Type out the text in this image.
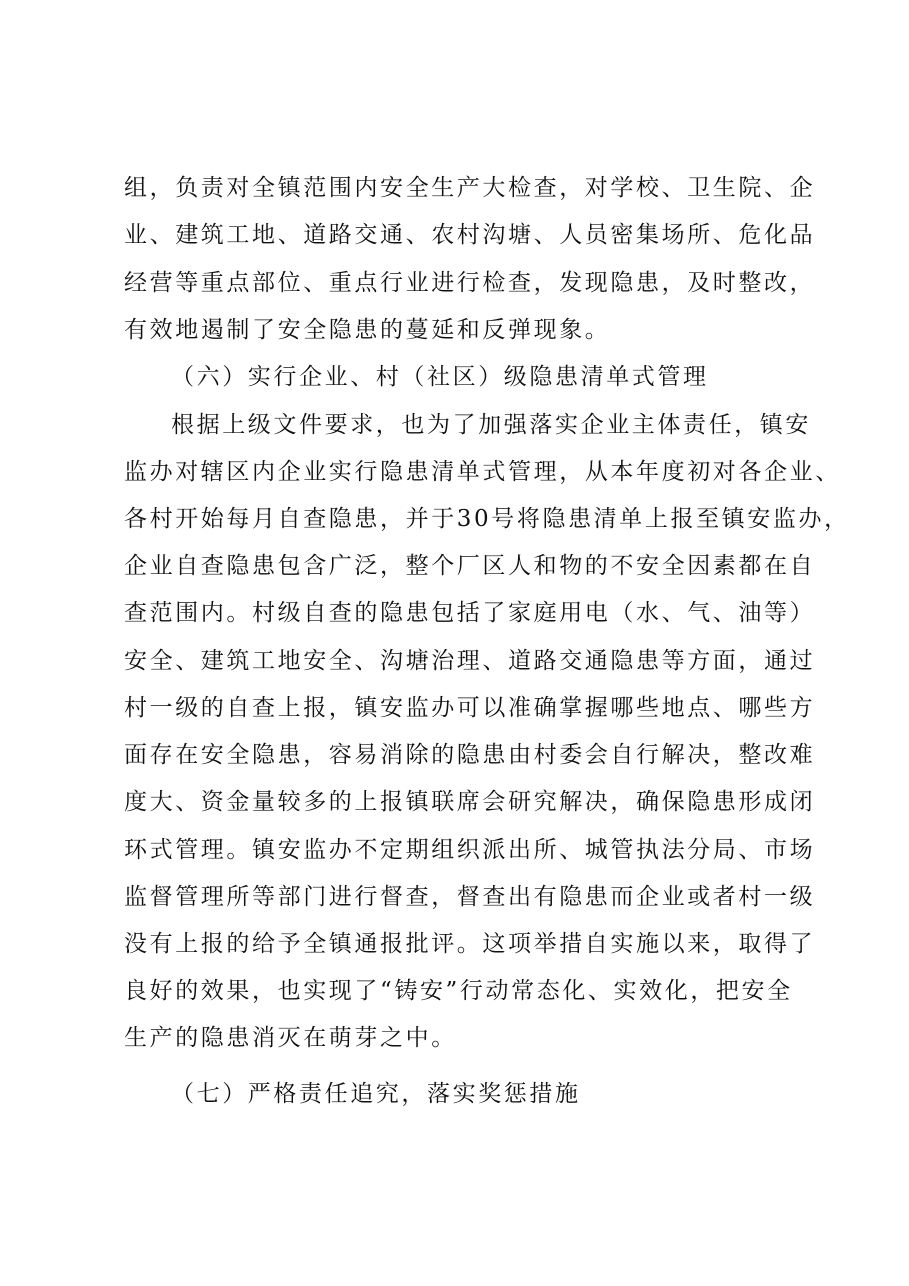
组，负责对全镇范围内安全生产大检查，对学校、卫生院、企
业、建筑工地、道路交通、农村沟塘、人员密集场所、危化品
经营等重点部位、重点行业进行检查，发现隐患，及时整改，
有效地遏制了安全隐患的蔓延和反弹现象。
（六）实行企业、村（社区）级隐患清单式管理
根据上级文件要求，也为了加强落实企业主体责任，镇安
监办对辖区内企业实行隐患清单式管理，从本年度初对各企业、
各村开始每月自查隐患，并于30号将隐患清单上报至镇安监办，
企业自查隐患包含广泛，整个厂区人和物的不安全因素都在自
查范围内。村级自查的隐患包括了家庭用电（水、气、油等）
安全、建筑工地安全、沟塘治理、道路交通隐患等方面，通过
村一级的自查上报，镇安监办可以准确掌握哪些地点、哪些方
面存在安全隐患，容易消除的隐患由村委会自行解决，整改难
度大、资金量较多的上报镇联席会研究解决，确保隐患形成闭
环式管理。镇安监办不定期组织派出所、城管执法分局、市场
监督管理所等部门进行督查，督查出有隐患而企业或者村一级
没有上报的给予全镇通报批评。这项举措自实施以来，取得了
良好的效果，也实现了“铸安”行动常态化、实效化，把安全
生产的隐患消灭在萌芽之中。
（七）严格责任追究，落实奖惩措施
